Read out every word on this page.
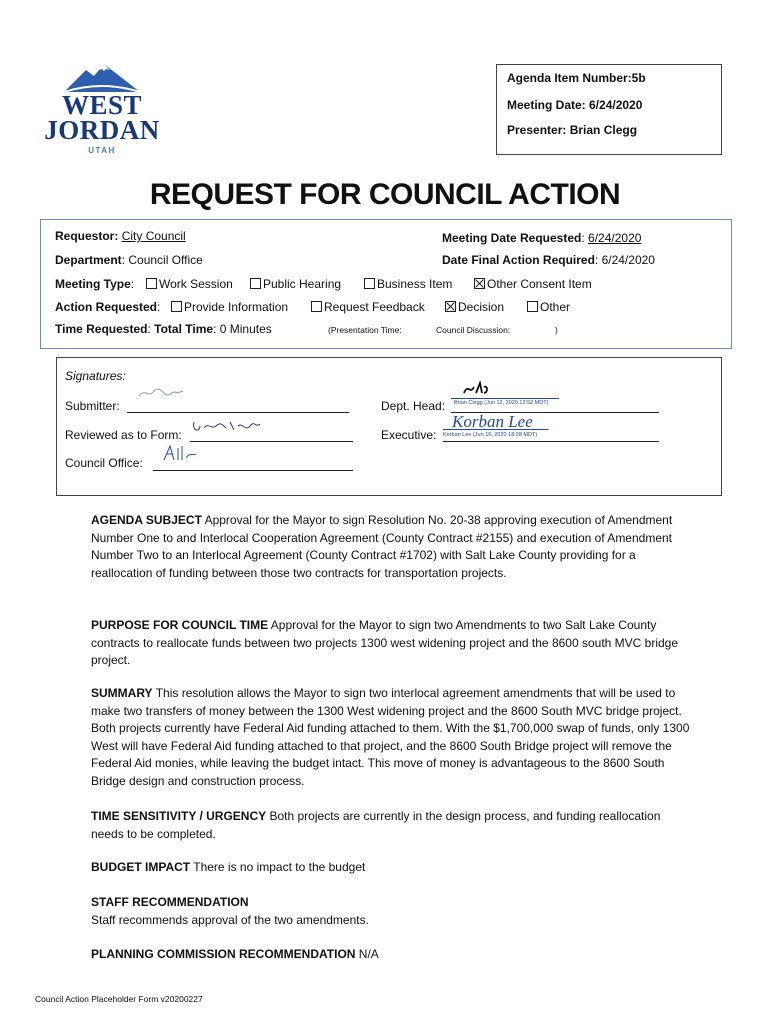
WEST
JORDAN
UTAH
Agenda Item Number:5b
Meeting Date: 6/24/2020
Presenter: Brian Clegg
REQUEST FOR COUNCIL ACTION
Requestor: City Council	Meeting Date Requested: 6/24/2020
Department: Council Office	Date Final Action Required: 6/24/2020
Meeting Type:	Work Session	Public Hearing	Business Item	Other Consent Item
Action Requested:	Provide Information	Request Feedback	Decision	Other
Time Requested: Total Time: 0 Minutes	(Presentation Time:	Council Discussion:	)
Signatures:
Submitter:	Dept. Head: Brian Clegg (Jun 12, 2020 12:52 MDT)
Reviewed as to Form:	Executive:
Korban Lee
Korban Lee (Jun 16, 2020 18:28 MDT)
Council Office:
AGENDA SUBJECT Approval for the Mayor to sign Resolution No. 20-38 approving execution of Amendment Number One to and Interlocal Cooperation Agreement (County Contract #2155) and execution of Amendment Number Two to an Interlocal Agreement (County Contract #1702) with Salt Lake County providing for a reallocation of funding between those two contracts for transportation projects.
PURPOSE FOR COUNCIL TIME Approval for the Mayor to sign two Amendments to two Salt Lake County contracts to reallocate funds between two projects 1300 west widening project and the 8600 south MVC bridge project.
SUMMARY This resolution allows the Mayor to sign two interlocal agreement amendments that will be used to make two transfers of money between the 1300 West widening project and the 8600 South MVC bridge project. Both projects currently have Federal Aid funding attached to them. With the $1,700,000 swap of funds, only 1300 West will have Federal Aid funding attached to that project, and the 8600 South Bridge project will remove the Federal Aid monies, while leaving the budget intact. This move of money is advantageous to the 8600 South Bridge design and construction process.
TIME SENSITIVITY / URGENCY Both projects are currently in the design process, and funding reallocation needs to be completed.
BUDGET IMPACT There is no impact to the budget
STAFF RECOMMENDATION
Staff recommends approval of the two amendments.
PLANNING COMMISSION RECOMMENDATION N/A
Council Action Placeholder Form v20200227
